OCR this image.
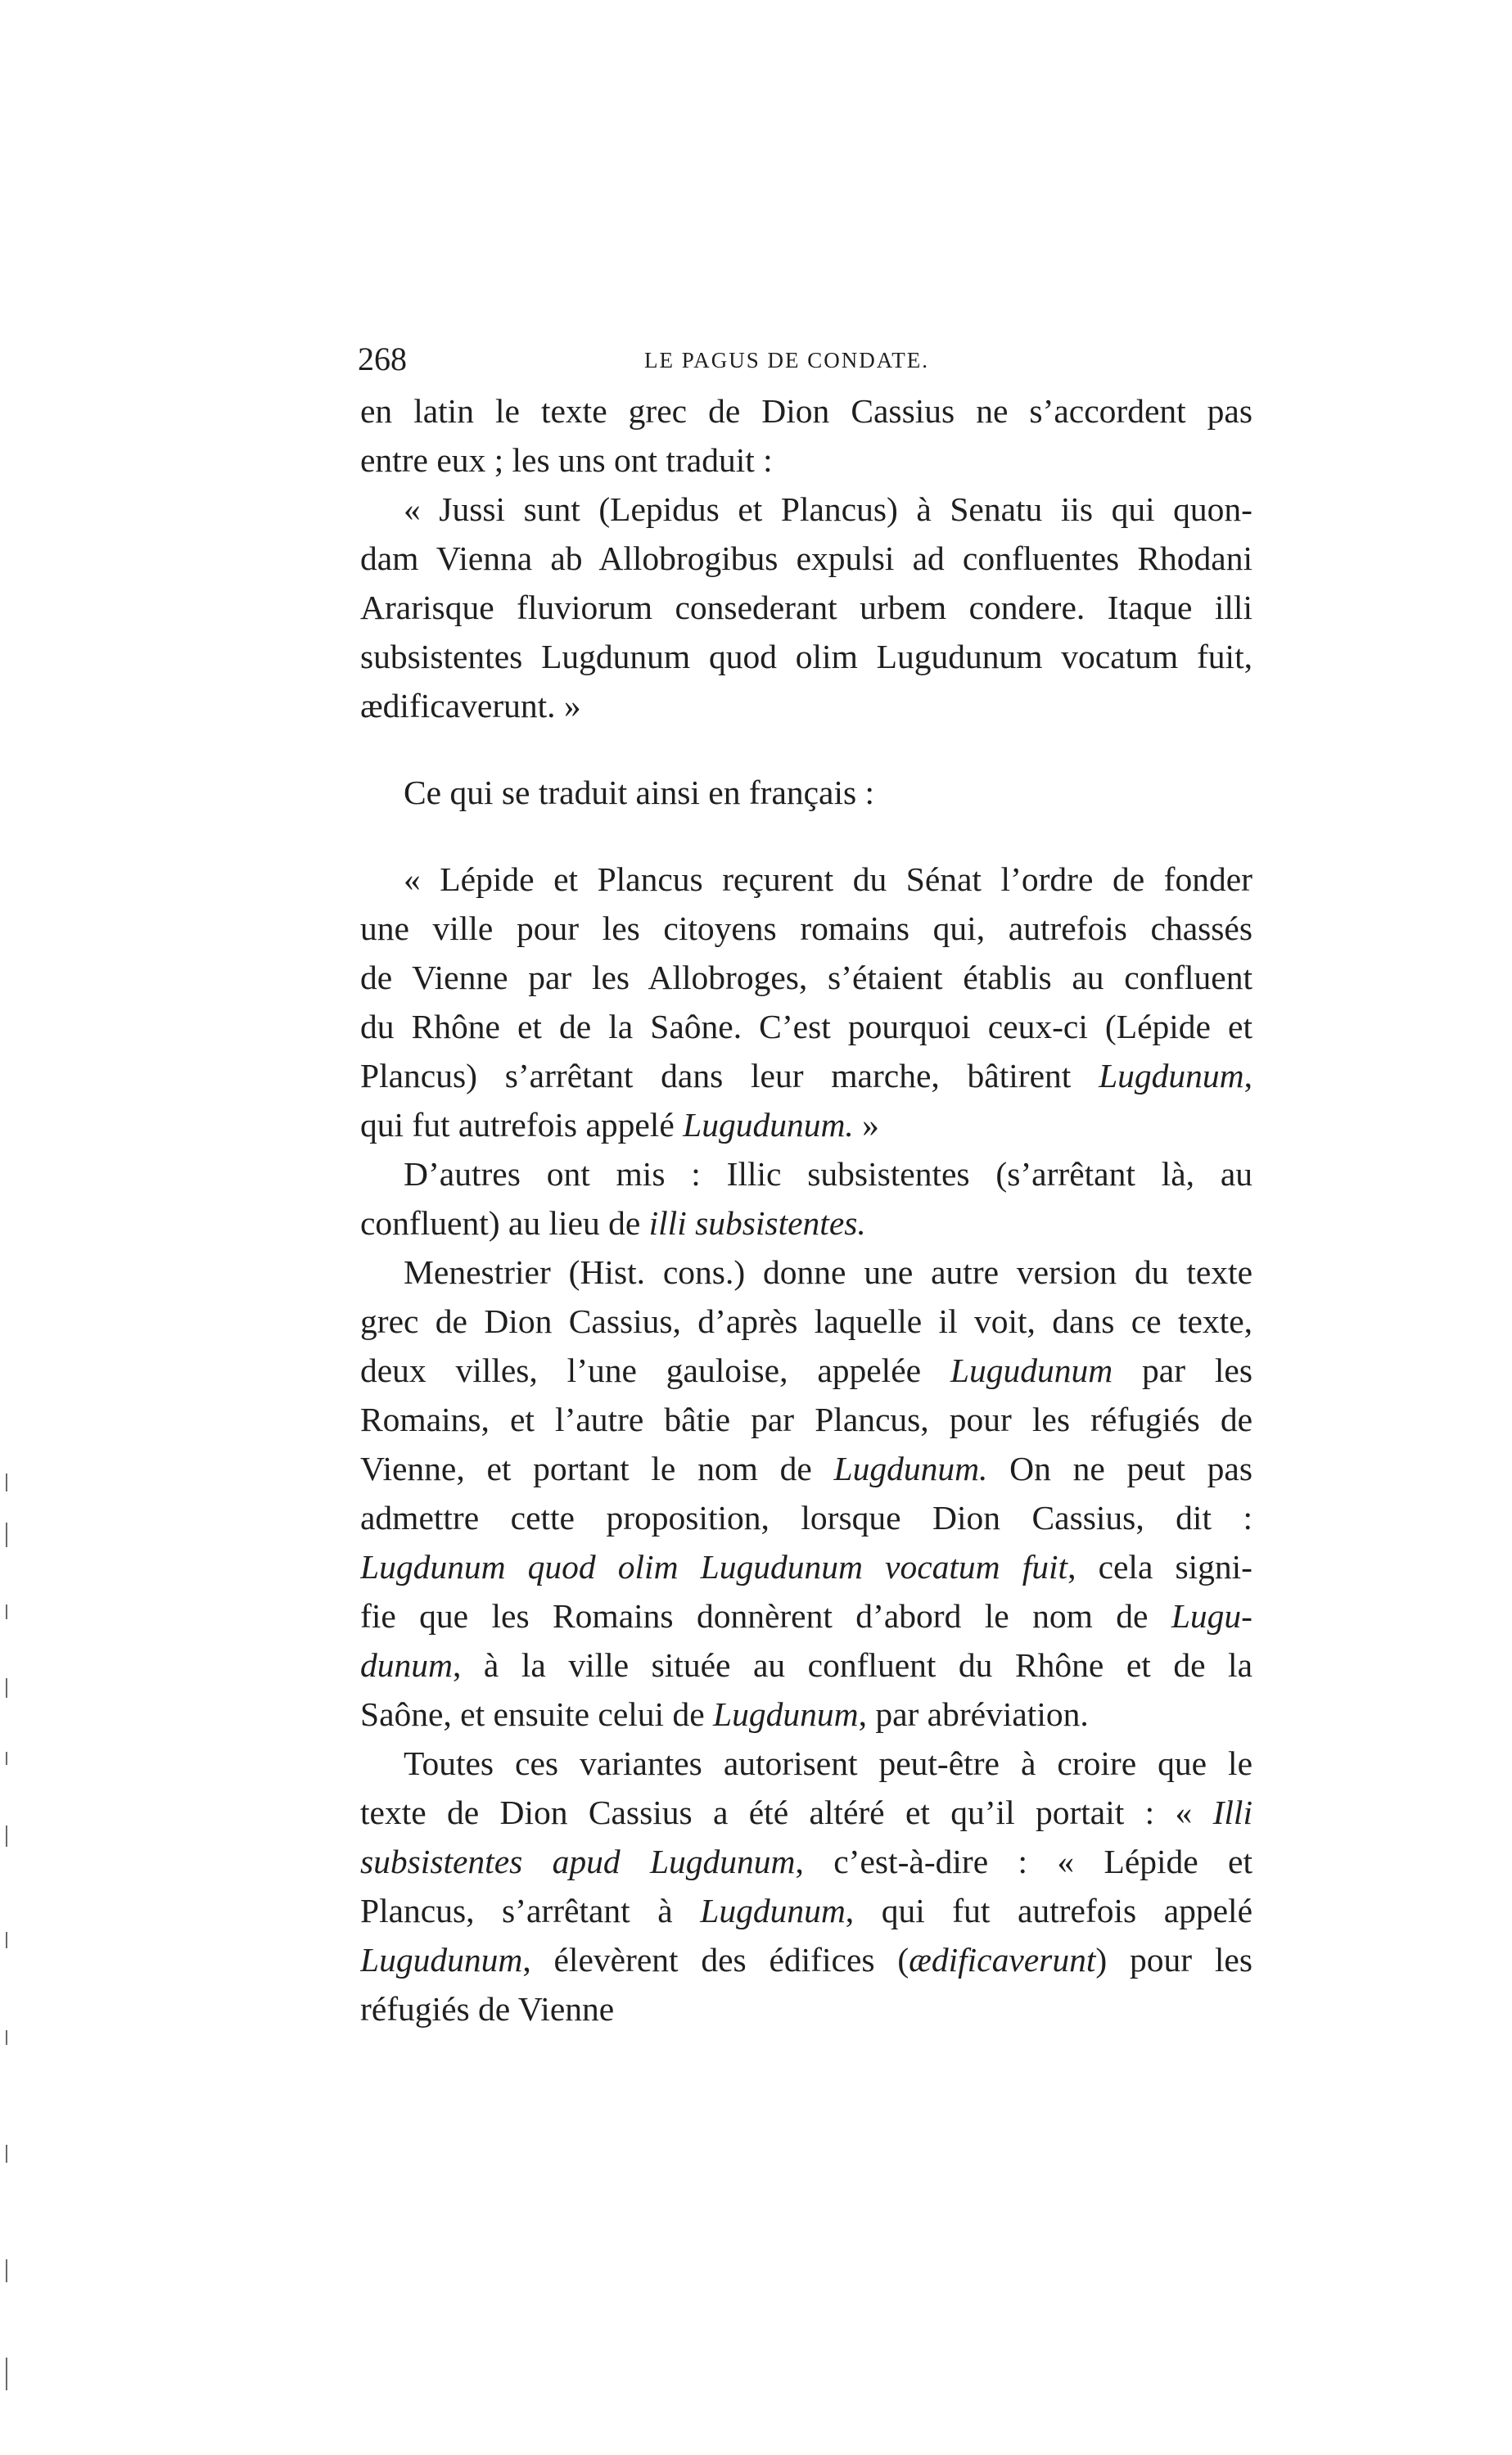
268	LE PAGUS DE CONDATE.
en latin le texte grec de Dion Cassius ne s’accordent pas
entre eux ; les uns ont traduit :
« Jussi sunt (Lepidus et Plancus) à Senatu iis qui quon-
dam Vienna ab Allobrogibus expulsi ad confluentes Rhodani
Ararisque fluviorum consederant urbem condere. Itaque illi
subsistentes Lugdunum quod olim Lugudunum vocatum fuit,
ædificaverunt. »
Ce qui se traduit ainsi en français :
« Lépide et Plancus reçurent du Sénat l’ordre de fonder
une ville pour les citoyens romains qui, autrefois chassés
de Vienne par les Allobroges, s’étaient établis au confluent
du Rhône et de la Saône. C’est pourquoi ceux-ci (Lépide et
Plancus) s’arrêtant dans leur marche, bâtirent Lugdunum,
qui fut autrefois appelé Lugudunum. »
D’autres ont mis : Illic subsistentes (s’arrêtant là, au
confluent) au lieu de illi subsistentes.
Menestrier (Hist. cons.) donne une autre version du texte
grec de Dion Cassius, d’après laquelle il voit, dans ce texte,
deux villes, l’une gauloise, appelée Lugudunum par les
Romains, et l’autre bâtie par Plancus, pour les réfugiés de
Vienne, et portant le nom de Lugdunum. On ne peut pas
admettre cette proposition, lorsque Dion Cassius, dit :
Lugdunum quod olim Lugudunum vocatum fuit, cela signi-
fie que les Romains donnèrent d’abord le nom de Lugu-
dunum, à la ville située au confluent du Rhône et de la
Saône, et ensuite celui de Lugdunum, par abréviation.
Toutes ces variantes autorisent peut-être à croire que le
texte de Dion Cassius a été altéré et qu’il portait : « Illi
subsistentes apud Lugdunum, c’est-à-dire : « Lépide et
Plancus, s’arrêtant à Lugdunum, qui fut autrefois appelé
Lugudunum, élevèrent des édifices (ædificaverunt) pour les
réfugiés de Vienne
